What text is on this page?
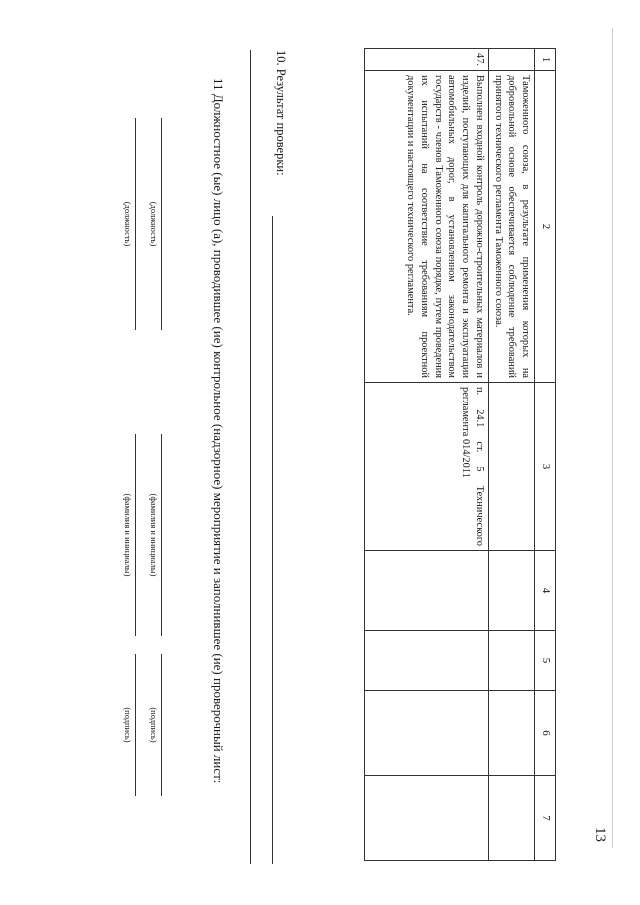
13
1	2	3	4	5	6	7
	Таможенного союза, в результате применения которых на добровольной основе обеспечивается соблюдение требований принятого технического регламента Таможенного союза.					
47.	Выполнен входной контроль дорожно-строительных материалов и изделий, поступающих для капитального ремонта и эксплуатации автомобильных дорог, в установленном законодательством государств - членов Таможенного союза порядке, путем проведения их испытаний на соответствие требованиям проектной документации и настоящего технического регламента.	п. 24.1 ст. 5 Технического регламента 014/2011				
10. Результат проверки:
11 Должностное (ые) лицо (а), проводившее (ие) контрольное (надзорное) мероприятие и заполнившее (ие) проверочный лист:
(должность)
(фамилия и инициалы)
(подпись)
(должность)
(фамилия и инициалы)
(подпись)
